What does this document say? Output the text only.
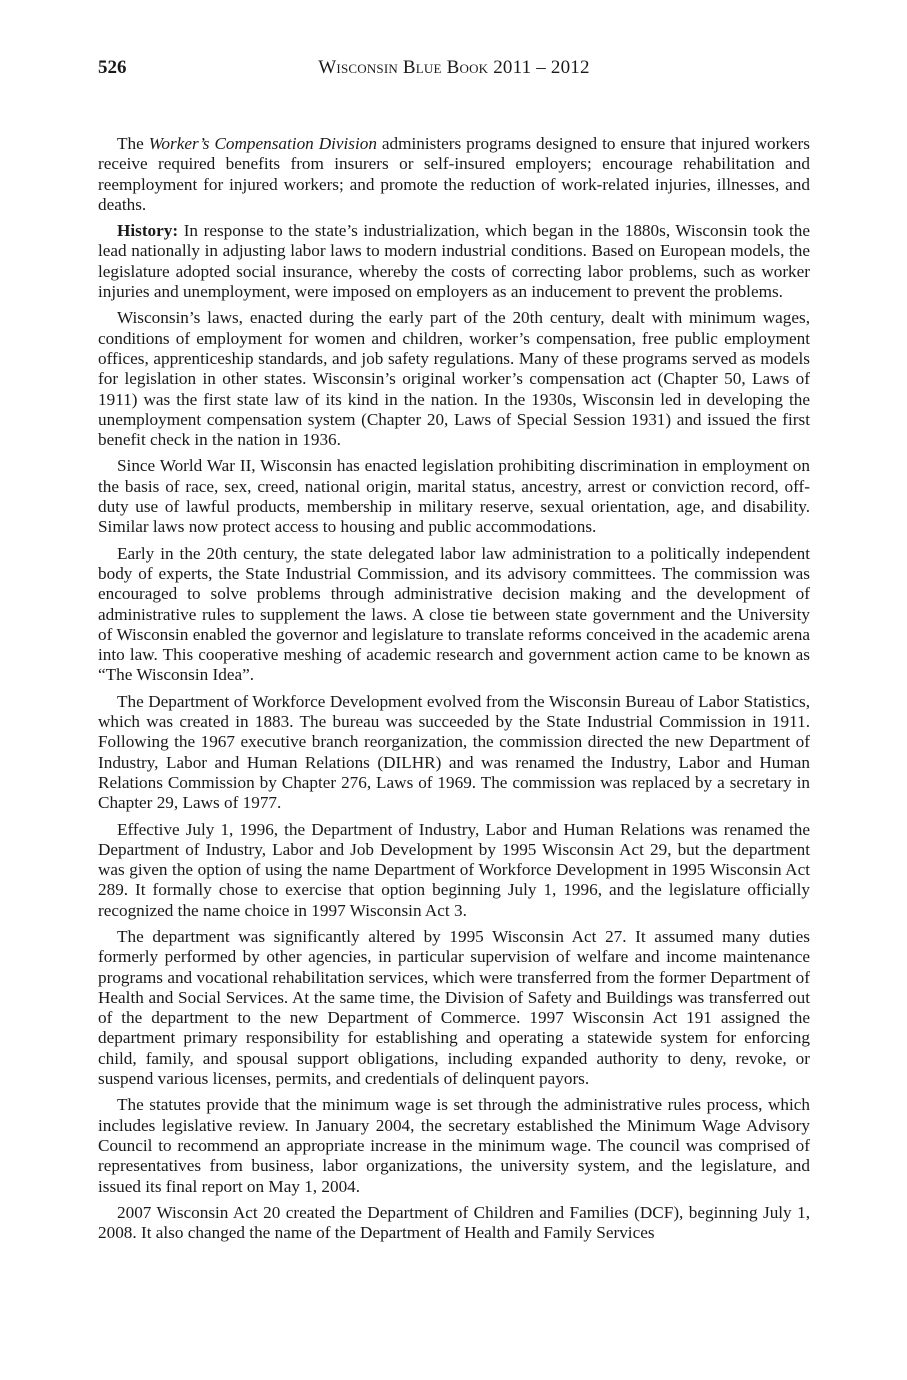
526	Wisconsin Blue Book 2011 – 2012

The Worker’s Compensation Division administers programs designed to ensure that injured workers receive required benefits from insurers or self-insured employers; encourage rehabilitation and reemployment for injured workers; and promote the reduction of work-related injuries, illnesses, and deaths.

History: In response to the state’s industrialization, which began in the 1880s, Wisconsin took the lead nationally in adjusting labor laws to modern industrial conditions. Based on European models, the legislature adopted social insurance, whereby the costs of correcting labor problems, such as worker injuries and unemployment, were imposed on employers as an inducement to prevent the problems.

Wisconsin’s laws, enacted during the early part of the 20th century, dealt with minimum wages, conditions of employment for women and children, worker’s compensation, free public employment offices, apprenticeship standards, and job safety regulations. Many of these programs served as models for legislation in other states. Wisconsin’s original worker’s compensation act (Chapter 50, Laws of 1911) was the first state law of its kind in the nation. In the 1930s, Wisconsin led in developing the unemployment compensation system (Chapter 20, Laws of Special Session 1931) and issued the first benefit check in the nation in 1936.

Since World War II, Wisconsin has enacted legislation prohibiting discrimination in employment on the basis of race, sex, creed, national origin, marital status, ancestry, arrest or conviction record, off-duty use of lawful products, membership in military reserve, sexual orientation, age, and disability. Similar laws now protect access to housing and public accommodations.

Early in the 20th century, the state delegated labor law administration to a politically independent body of experts, the State Industrial Commission, and its advisory committees. The commission was encouraged to solve problems through administrative decision making and the development of administrative rules to supplement the laws. A close tie between state government and the University of Wisconsin enabled the governor and legislature to translate reforms conceived in the academic arena into law. This cooperative meshing of academic research and government action came to be known as “The Wisconsin Idea”.

The Department of Workforce Development evolved from the Wisconsin Bureau of Labor Statistics, which was created in 1883. The bureau was succeeded by the State Industrial Commission in 1911. Following the 1967 executive branch reorganization, the commission directed the new Department of Industry, Labor and Human Relations (DILHR) and was renamed the Industry, Labor and Human Relations Commission by Chapter 276, Laws of 1969. The commission was replaced by a secretary in Chapter 29, Laws of 1977.

Effective July 1, 1996, the Department of Industry, Labor and Human Relations was renamed the Department of Industry, Labor and Job Development by 1995 Wisconsin Act 29, but the department was given the option of using the name Department of Workforce Development in 1995 Wisconsin Act 289. It formally chose to exercise that option beginning July 1, 1996, and the legislature officially recognized the name choice in 1997 Wisconsin Act 3.

The department was significantly altered by 1995 Wisconsin Act 27. It assumed many duties formerly performed by other agencies, in particular supervision of welfare and income maintenance programs and vocational rehabilitation services, which were transferred from the former Department of Health and Social Services. At the same time, the Division of Safety and Buildings was transferred out of the department to the new Department of Commerce. 1997 Wisconsin Act 191 assigned the department primary responsibility for establishing and operating a statewide system for enforcing child, family, and spousal support obligations, including expanded authority to deny, revoke, or suspend various licenses, permits, and credentials of delinquent payors.

The statutes provide that the minimum wage is set through the administrative rules process, which includes legislative review. In January 2004, the secretary established the Minimum Wage Advisory Council to recommend an appropriate increase in the minimum wage. The council was comprised of representatives from business, labor organizations, the university system, and the legislature, and issued its final report on May 1, 2004.

2007 Wisconsin Act 20 created the Department of Children and Families (DCF), beginning July 1, 2008. It also changed the name of the Department of Health and Family Services
